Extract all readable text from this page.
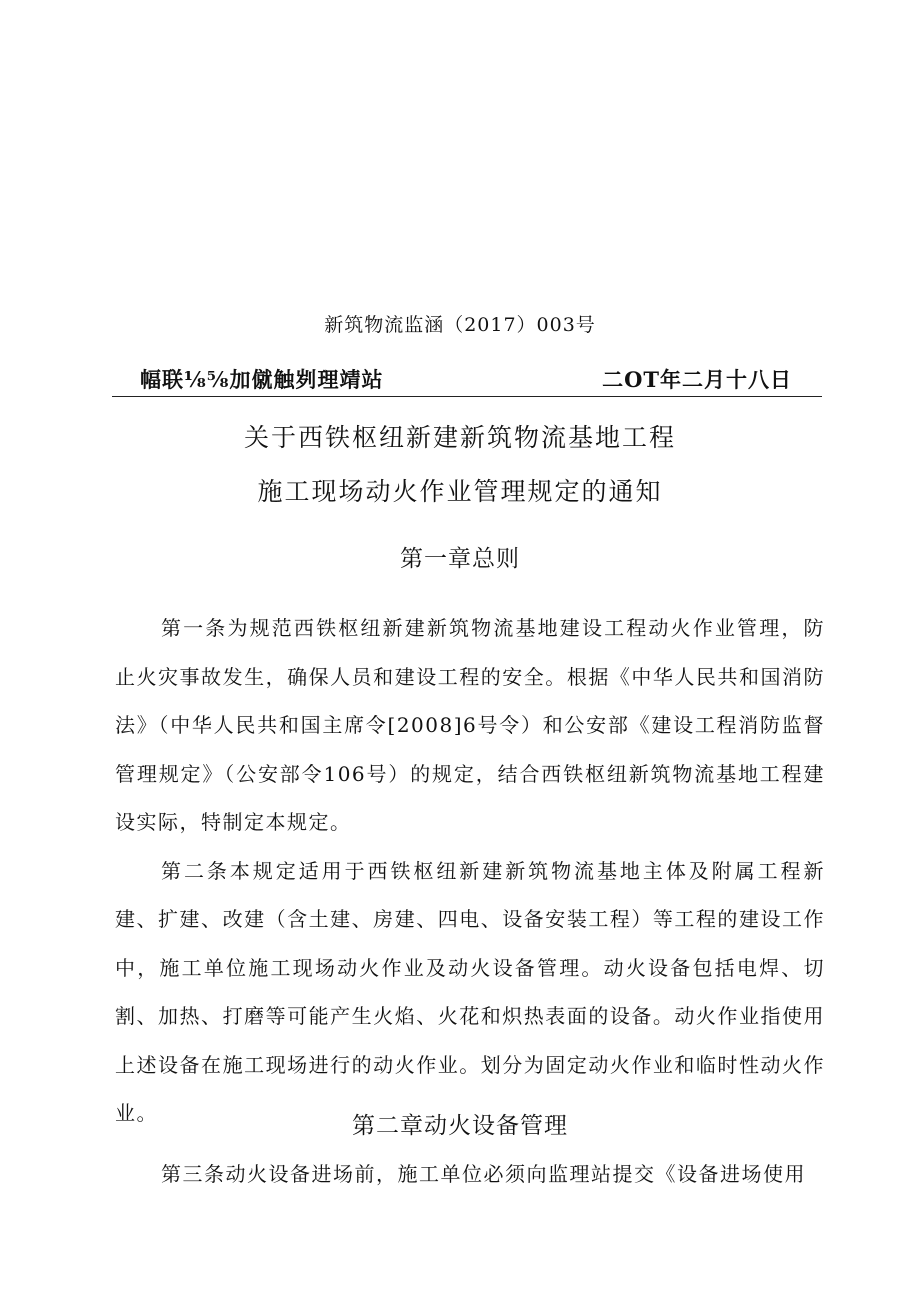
新筑物流监涵（2017）003号
幅联⅛⅝加僦触刿理靖站	二OT年二月十八日
关于西铁枢纽新建新筑物流基地工程
施工现场动火作业管理规定的通知
第一章总则

第一条为规范西铁枢纽新建新筑物流基地建设工程动火作业管理，防止火灾事故发生，确保人员和建设工程的安全。根据《中华人民共和国消防法》（中华人民共和国主席令[2008]6号令）和公安部《建设工程消防监督管理规定》（公安部令106号）的规定，结合西铁枢纽新筑物流基地工程建设实际，特制定本规定。

第二条本规定适用于西铁枢纽新建新筑物流基地主体及附属工程新建、扩建、改建（含土建、房建、四电、设备安装工程）等工程的建设工作中，施工单位施工现场动火作业及动火设备管理。动火设备包括电焊、切割、加热、打磨等可能产生火焰、火花和炽热表面的设备。动火作业指使用上述设备在施工现场进行的动火作业。划分为固定动火作业和临时性动火作业。	第二章动火设备管理

第三条动火设备进场前，施工单位必须向监理站提交《设备进场使用
